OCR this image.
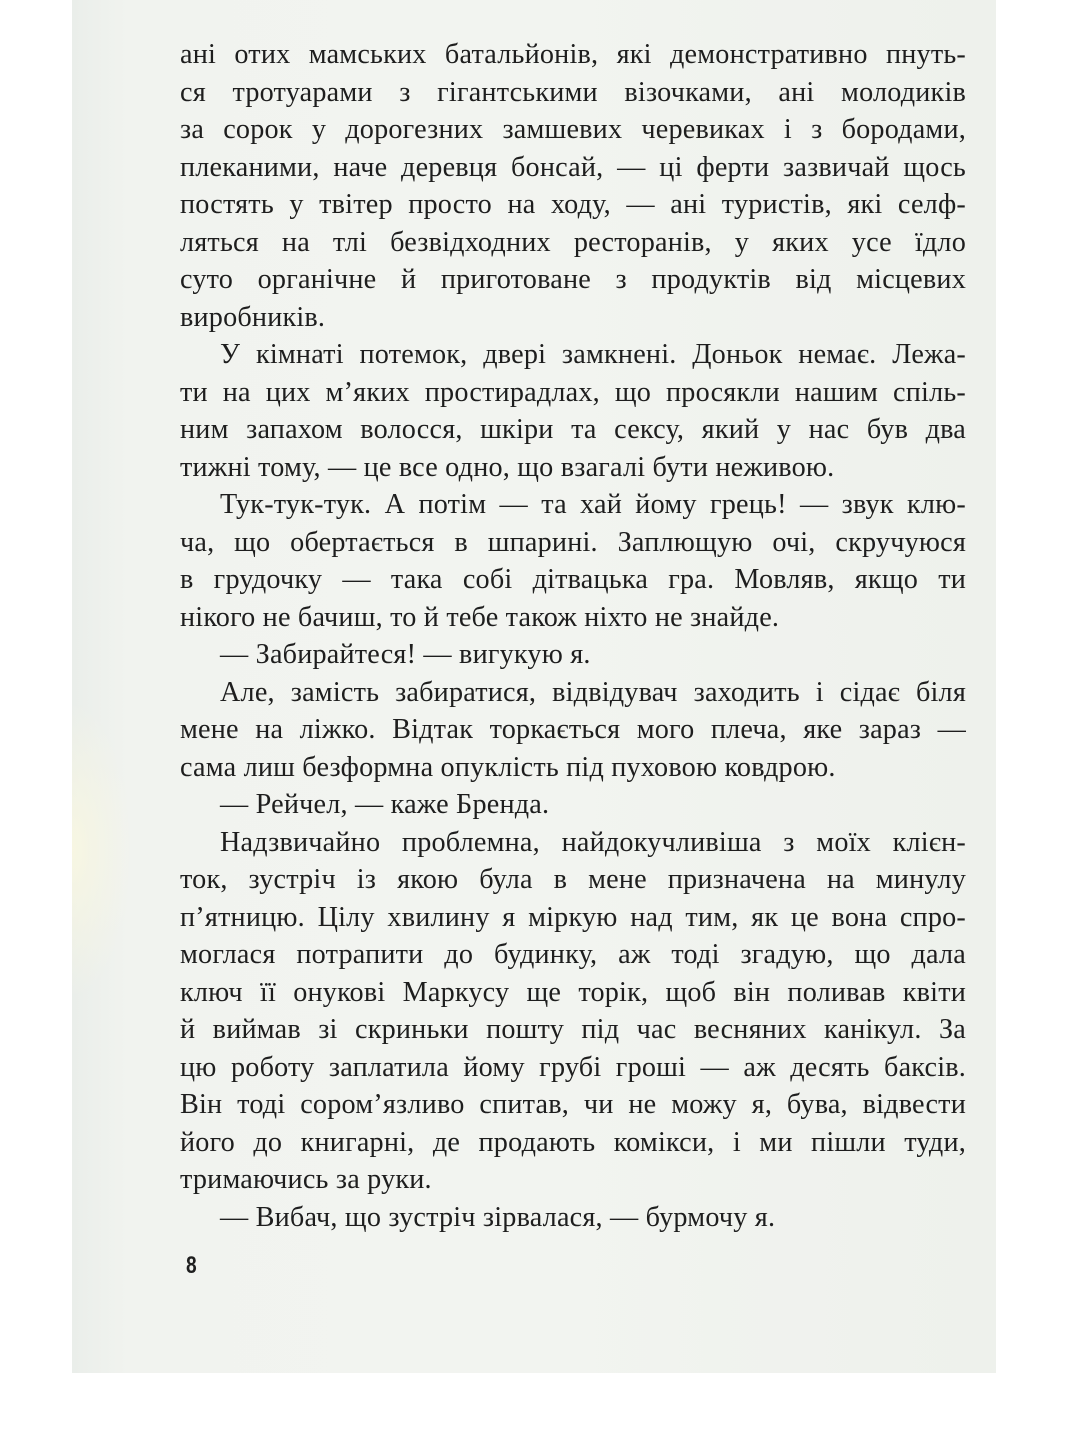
ані отих мамських батальйонів, які демонстративно пнуть-
ся тротуарами з гігантськими візочками, ані молодиків
за сорок у дорогезних замшевих черевиках і з бородами,
плеканими, наче деревця бонсай, — ці ферти зазвичай щось
постять у твітер просто на ходу, — ані туристів, які селф-
ляться на тлі безвідходних ресторанів, у яких усе їдло
суто органічне й приготоване з продуктів від місцевих
виробників.
У кімнаті потемок, двері замкнені. Доньок немає. Лежа-
ти на цих м’яких простирадлах, що просякли нашим спіль-
ним запахом волосся, шкіри та сексу, який у нас був два
тижні тому, — це все одно, що взагалі бути неживою.
Тук-тук-тук. А потім — та хай йому грець! — звук клю-
ча, що обертається в шпарині. Заплющую очі, скручуюся
в грудочку — така собі дітвацька гра. Мовляв, якщо ти
нікого не бачиш, то й тебе також ніхто не знайде.
— Забирайтеся! — вигукую я.
Але, замість забиратися, відвідувач заходить і сідає біля
мене на ліжко. Відтак торкається мого плеча, яке зараз —
сама лиш безформна опуклість під пуховою ковдрою.
— Рейчел, — каже Бренда.
Надзвичайно проблемна, найдокучливіша з моїх клієн-
ток, зустріч із якою була в мене призначена на минулу
п’ятницю. Цілу хвилину я міркую над тим, як це вона спро-
моглася потрапити до будинку, аж тоді згадую, що дала
ключ її онукові Маркусу ще торік, щоб він поливав квіти
й виймав зі скриньки пошту під час весняних канікул. За
цю роботу заплатила йому грубі гроші — аж десять баксів.
Він тоді сором’язливо спитав, чи не можу я, бува, відвести
його до книгарні, де продають комікси, і ми пішли туди,
тримаючись за руки.
— Вибач, що зустріч зірвалася, — бурмочу я.
8
